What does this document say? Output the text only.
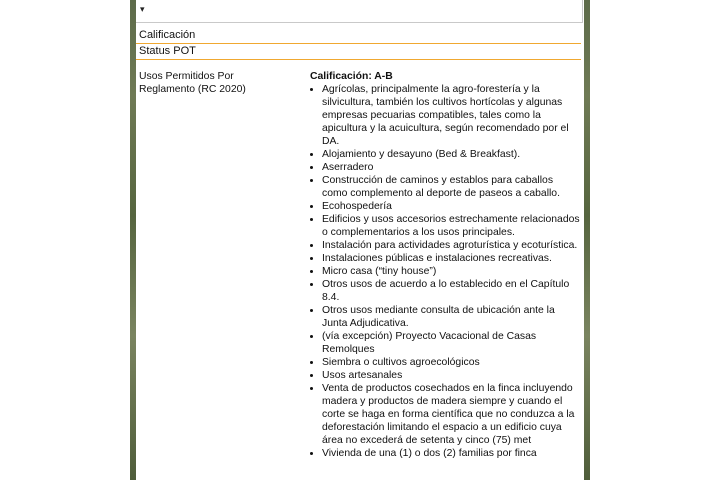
▾
Calificación
Status POT
Usos Permitidos Por Reglamento (RC 2020)
Calificación: A-B
• Agrícolas, principalmente la agro-forestería y la silvicultura, también los cultivos hortícolas y algunas empresas pecuarias compatibles, tales como la apicultura y la acuicultura, según recomendado por el DA.
• Alojamiento y desayuno (Bed & Breakfast).
• Aserradero
• Construcción de caminos y establos para caballos como complemento al deporte de paseos a caballo.
• Ecohospedería
• Edificios y usos accesorios estrechamente relacionados o complementarios a los usos principales.
• Instalación para actividades agroturística y ecoturística.
• Instalaciones públicas e instalaciones recreativas.
• Micro casa (“tiny house”)
• Otros usos de acuerdo a lo establecido en el Capítulo 8.4.
• Otros usos mediante consulta de ubicación ante la Junta Adjudicativa.
• (vía excepción) Proyecto Vacacional de Casas Remolques
• Siembra o cultivos agroecológicos
• Usos artesanales
• Venta de productos cosechados en la finca incluyendo madera y productos de madera siempre y cuando el corte se haga en forma científica que no conduzca a la deforestación limitando el espacio a un edificio cuya área no excederá de setenta y cinco (75) met
• Vivienda de una (1) o dos (2) familias por finca
